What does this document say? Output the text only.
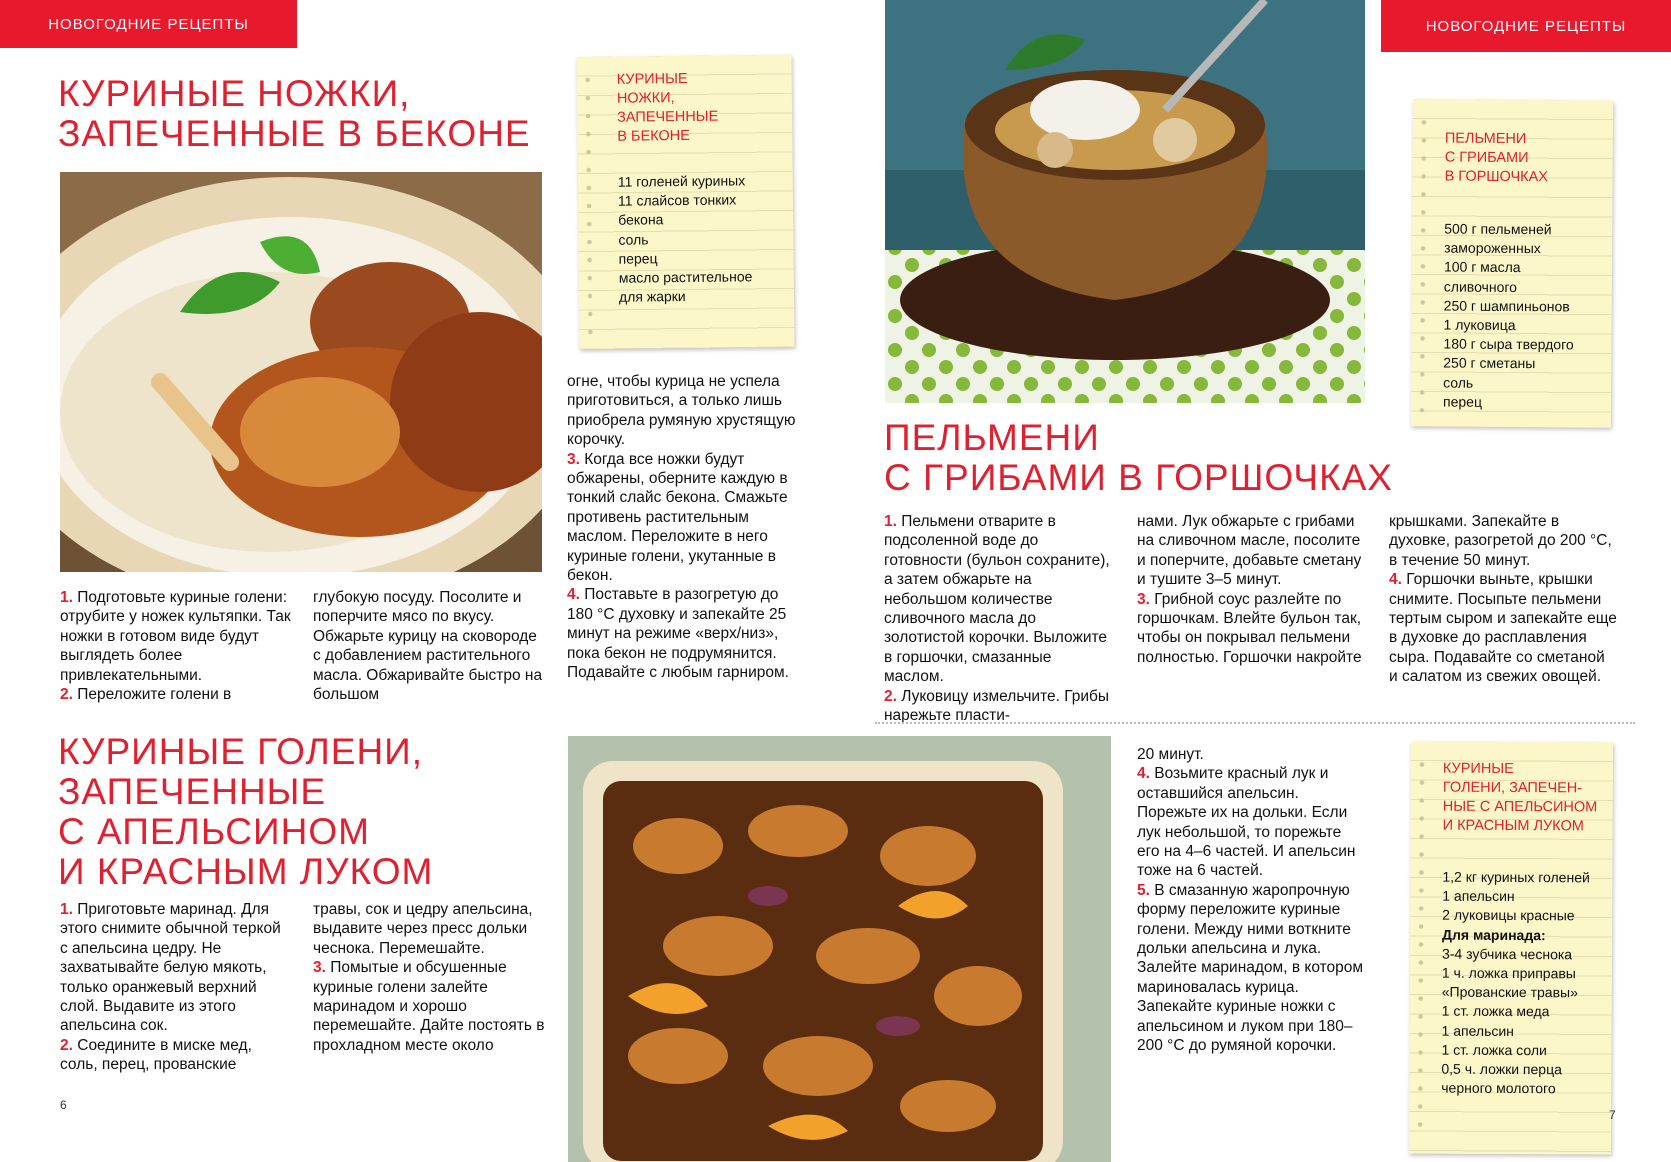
НОВОГОДНИЕ РЕЦЕПТЫ	НОВОГОДНИЕ РЕЦЕПТЫ
КУРИНЫЕ НОЖКИ,
ЗАПЕЧЕННЫЕ В БЕКОНЕ

КУРИНЫЕ
НОЖКИ,
ЗАПЕЧЕННЫЕ
В БЕКОНЕ

11 голеней куриных
11 слайсов тонких
бекона
соль
перец
масло растительное
для жарки

1. Подготовьте куриные голени: отрубите у ножек культяпки. Так ножки в готовом виде будут выглядеть более привлекательными.

2. Переложите голени в

глубокую посуду. Посолите и поперчите мясо по вкусу. Обжарьте курицу на сковороде с добавлением растительного масла. Обжаривайте быстро на большом

огне, чтобы курица не успела приготовиться, а только лишь приобрела румяную хрустящую корочку.

3. Когда все ножки будут обжарены, оберните каждую в тонкий слайс бекона. Смажьте противень растительным маслом. Переложите в него куриные голени, укутанные в бекон.

4. Поставьте в разогретую до 180 °С духовку и запекайте 25 минут на режиме «верх/низ», пока бекон не подрумянится. Подавайте с любым гарниром.

ПЕЛЬМЕНИ
С ГРИБАМИ
В ГОРШОЧКАХ

500 г пельменей
замороженных
100 г масла
сливочного
250 г шампиньонов
1 луковица
180 г сыра твердого
250 г сметаны
соль
перец
ПЕЛЬМЕНИ
С ГРИБАМИ В ГОРШОЧКАХ

1. Пельмени отварите в подсоленной воде до готовности (бульон сохраните), а затем обжарьте на небольшом количестве сливочного масла до золотистой корочки. Выложите в горшочки, смазанные маслом.

2. Луковицу измельчите. Грибы нарежьте пласти-

нами. Лук обжарьте с грибами на сливочном масле, посолите и поперчите, добавьте сметану и тушите 3–5 минут.

3. Грибной соус разлейте по горшочкам. Влейте бульон так, чтобы он покрывал пельмени полностью. Горшочки накройте

крышками. Запекайте в духовке, разогретой до 200 °С, в течение 50 минут.

4. Горшочки выньте, крышки снимите. Посыпьте пельмени тертым сыром и запекайте еще в духовке до расплавления сыра. Подавайте со сметаной и салатом из свежих овощей.

КУРИНЫЕ ГОЛЕНИ,
ЗАПЕЧЕННЫЕ
С АПЕЛЬСИНОМ
И КРАСНЫМ ЛУКОМ

1. Приготовьте маринад. Для этого снимите обычной теркой с апельсина цедру. Не захватывайте белую мякоть, только оранжевый верхний слой. Выдавите из этого апельсина сок.

2. Соедините в миске мед, соль, перец, прованские

травы, сок и цедру апельсина, выдавите через пресс дольки чеснока. Перемешайте.

3. Помытые и обсушенные куриные голени залейте маринадом и хорошо перемешайте. Дайте постоять в прохладном месте около

20 минут.

4. Возьмите красный лук и оставшийся апельсин. Порежьте их на дольки. Если лук небольшой, то порежьте его на 4–6 частей. И апельсин тоже на 6 частей.

5. В смазанную жаропрочную форму переложите куриные голени. Между ними воткните дольки апельсина и лука. Залейте маринадом, в котором мариновалась курица. Запекайте куриные ножки с апельсином и луком при 180–200 °С до румяной корочки.

КУРИНЫЕ
ГОЛЕНИ, ЗАПЕЧЕН-
НЫЕ С АПЕЛЬСИНОМ
И КРАСНЫМ ЛУКОМ

1,2 кг куриных голеней
1 апельсин
2 луковицы красные
Для маринада:
3-4 зубчика чеснока
1 ч. ложка приправы
«Прованские травы»
1 ст. ложка меда
1 апельсин
1 ст. ложка соли
0,5 ч. ложки перца
черного молотого
6
7
